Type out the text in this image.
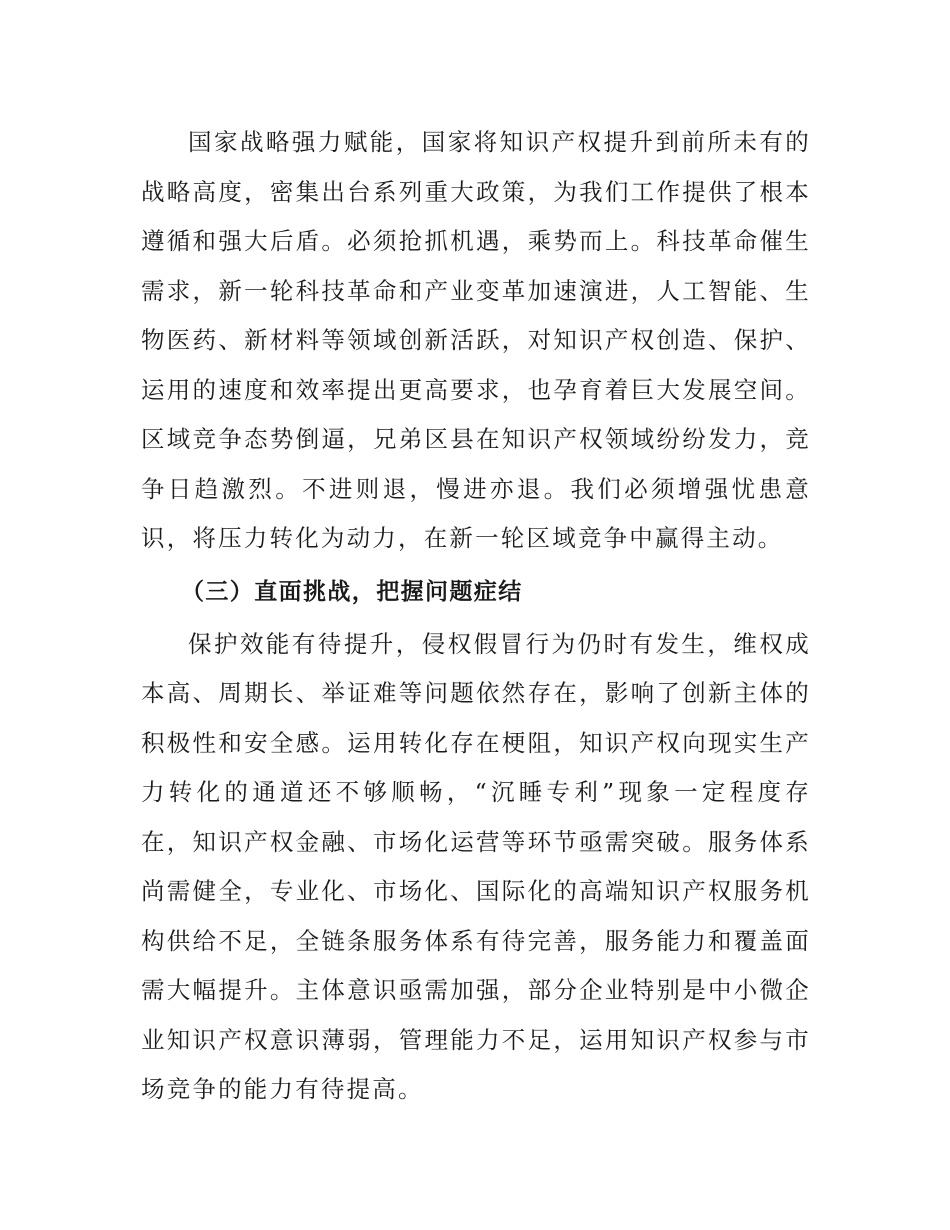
国家战略强力赋能，国家将知识产权提升到前所未有的战略高度，密集出台系列重大政策，为我们工作提供了根本遵循和强大后盾。必须抢抓机遇，乘势而上。科技革命催生需求，新一轮科技革命和产业变革加速演进，人工智能、生物医药、新材料等领域创新活跃，对知识产权创造、保护、运用的速度和效率提出更高要求，也孕育着巨大发展空间。区域竞争态势倒逼，兄弟区县在知识产权领域纷纷发力，竞争日趋激烈。不进则退，慢进亦退。我们必须增强忧患意识，将压力转化为动力，在新一轮区域竞争中赢得主动。

（三）直面挑战，把握问题症结

保护效能有待提升，侵权假冒行为仍时有发生，维权成本高、周期长、举证难等问题依然存在，影响了创新主体的积极性和安全感。运用转化存在梗阻，知识产权向现实生产力转化的通道还不够顺畅，“沉睡专利”现象一定程度存在，知识产权金融、市场化运营等环节亟需突破。服务体系尚需健全，专业化、市场化、国际化的高端知识产权服务机构供给不足，全链条服务体系有待完善，服务能力和覆盖面需大幅提升。主体意识亟需加强，部分企业特别是中小微企业知识产权意识薄弱，管理能力不足，运用知识产权参与市场竞争的能力有待提高。
